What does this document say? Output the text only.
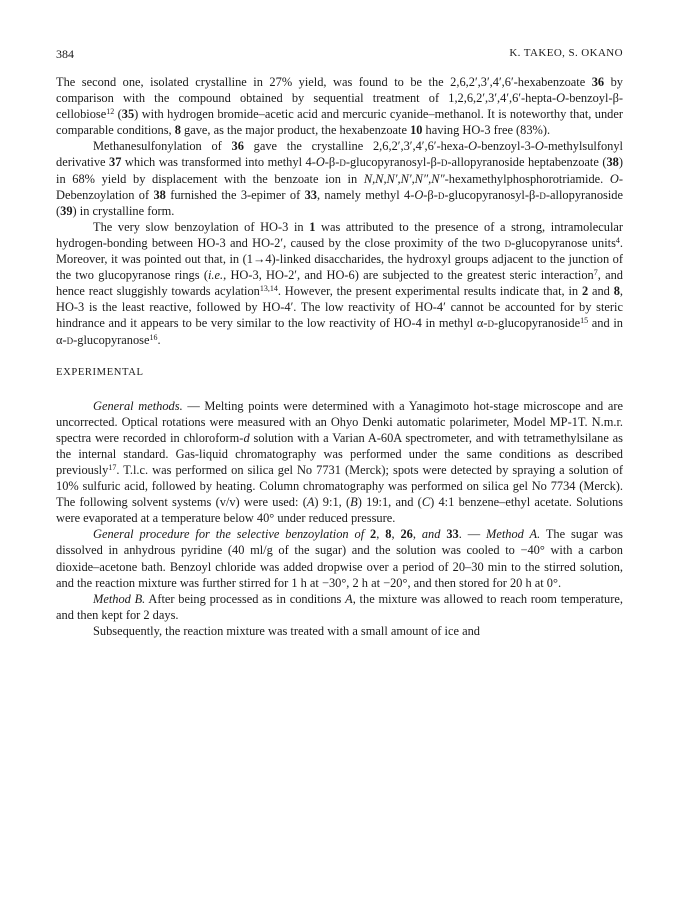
384	K. TAKEO, S. OKANO

The second one, isolated crystalline in 27% yield, was found to be the 2,6,2′,3′,4′,6′-hexabenzoate 36 by comparison with the compound obtained by sequential treatment of 1,2,6,2′,3′,4′,6′-hepta-O-benzoyl-β-cellobiose$^{12}$ (35) with hydrogen bromide–acetic acid and mercuric cyanide–methanol. It is noteworthy that, under comparable conditions, 8 gave, as the major product, the hexabenzoate 10 having HO-3 free (83%).

Methanesulfonylation of 36 gave the crystalline 2,6,2′,3′,4′,6′-hexa-O-benzoyl-3-O-methylsulfonyl derivative 37 which was transformed into methyl 4-O-β-d-glucopyranosyl-β-d-allopyranoside heptabenzoate (38) in 68% yield by displacement with the benzoate ion in N,N,N′,N′,N″,N″-hexamethylphosphorotriamide. O-Debenzoylation of 38 furnished the 3-epimer of 33, namely methyl 4-O-β-d-glucopyranosyl-β-d-allopyranoside (39) in crystalline form.

The very slow benzoylation of HO-3 in 1 was attributed to the presence of a strong, intramolecular hydrogen-bonding between HO-3 and HO-2′, caused by the close proximity of the two d-glucopyranose units$^4$. Moreover, it was pointed out that, in (1→4)-linked disaccharides, the hydroxyl groups adjacent to the junction of the two glucopyranose rings (i.e., HO-3, HO-2′, and HO-6) are subjected to the greatest steric interaction$^7$, and hence react sluggishly towards acylation$^{13,14}$. However, the present experimental results indicate that, in 2 and 8, HO-3 is the least reactive, followed by HO-4′. The low reactivity of HO-4′ cannot be accounted for by steric hindrance and it appears to be very similar to the low reactivity of HO-4 in methyl α-d-glucopyranoside$^{15}$ and in α-d-glucopyranose$^{16}$.

EXPERIMENTAL

General methods. — Melting points were determined with a Yanagimoto hot-stage microscope and are uncorrected. Optical rotations were measured with an Ohyo Denki automatic polarimeter, Model MP-1T. N.m.r. spectra were recorded in chloroform-d solution with a Varian A-60A spectrometer, and with tetramethylsilane as the internal standard. Gas-liquid chromatography was performed under the same conditions as described previously$^{17}$. T.l.c. was performed on silica gel No 7731 (Merck); spots were detected by spraying a solution of 10% sulfuric acid, followed by heating. Column chromatography was performed on silica gel No 7734 (Merck). The following solvent systems (v/v) were used: (A) 9:1, (B) 19:1, and (C) 4:1 benzene–ethyl acetate. Solutions were evaporated at a temperature below 40° under reduced pressure.

General procedure for the selective benzoylation of 2, 8, 26, and 33. — Method A. The sugar was dissolved in anhydrous pyridine (40 ml/g of the sugar) and the solution was cooled to −40° with a carbon dioxide–acetone bath. Benzoyl chloride was added dropwise over a period of 20–30 min to the stirred solution, and the reaction mixture was further stirred for 1 h at −30°, 2 h at −20°, and then stored for 20 h at 0°.

Method B. After being processed as in conditions A, the mixture was allowed to reach room temperature, and then kept for 2 days.

Subsequently, the reaction mixture was treated with a small amount of ice and
